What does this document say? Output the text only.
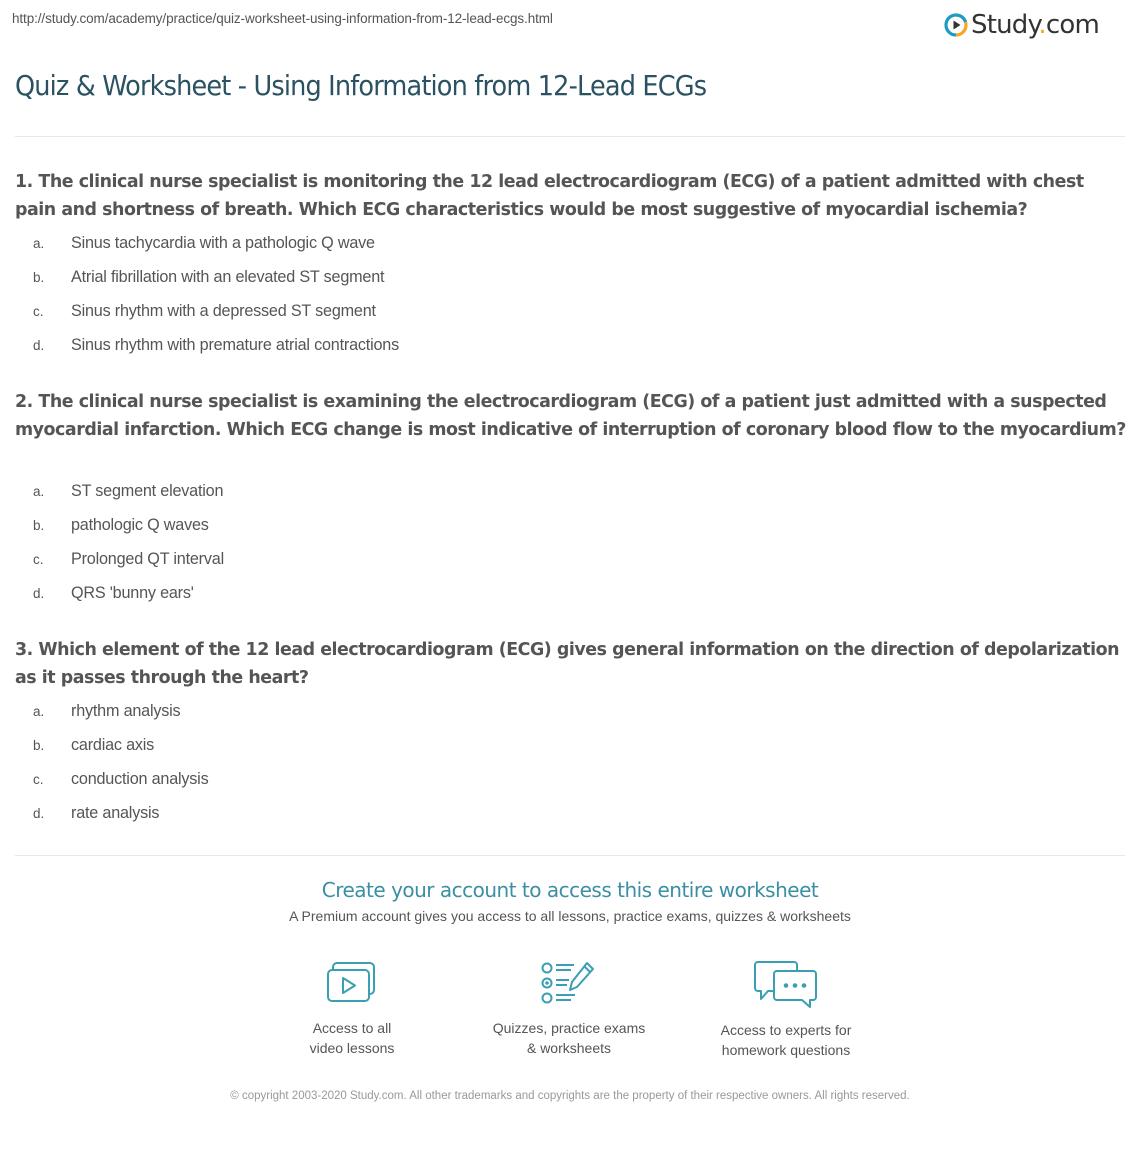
http://study.com/academy/practice/quiz-worksheet-using-information-from-12-lead-ecgs.html	Study.com
Quiz & Worksheet - Using Information from 12-Lead ECGs
1. The clinical nurse specialist is monitoring the 12 lead electrocardiogram (ECG) of a patient admitted with chest pain and shortness of breath. Which ECG characteristics would be most suggestive of myocardial ischemia?
a.	Sinus tachycardia with a pathologic Q wave
b.	Atrial fibrillation with an elevated ST segment
c.	Sinus rhythm with a depressed ST segment
d.	Sinus rhythm with premature atrial contractions
2. The clinical nurse specialist is examining the electrocardiogram (ECG) of a patient just admitted with a suspected myocardial infarction. Which ECG change is most indicative of interruption of coronary blood flow to the myocardium?
a.	ST segment elevation
b.	pathologic Q waves
c.	Prolonged QT interval
d.	QRS 'bunny ears'
3. Which element of the 12 lead electrocardiogram (ECG) gives general information on the direction of depolarization as it passes through the heart?
a.	rhythm analysis
b.	cardiac axis
c.	conduction analysis
d.	rate analysis
Create your account to access this entire worksheet
A Premium account gives you access to all lessons, practice exams, quizzes & worksheets
Access to all
video lessons
Quizzes, practice exams
& worksheets
Access to experts for
homework questions
© copyright 2003-2020 Study.com. All other trademarks and copyrights are the property of their respective owners. All rights reserved.
